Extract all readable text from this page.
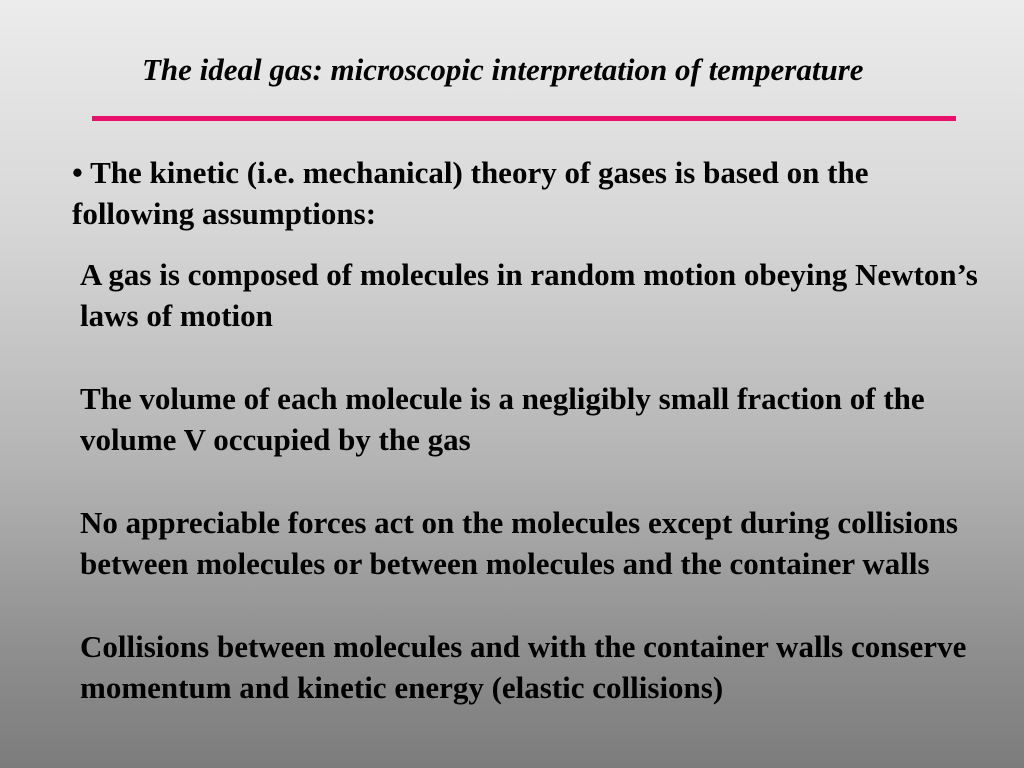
The ideal gas: microscopic interpretation of temperature

• The kinetic (i.e. mechanical) theory of gases is based on the following assumptions:

A gas is composed of molecules in random motion obeying Newton’s laws of motion
The volume of each molecule is a negligibly small fraction of the volume V occupied by the gas
No appreciable forces act on the molecules except during collisions between molecules or between molecules and the container walls
Collisions between molecules and with the container walls conserve momentum and kinetic energy (elastic collisions)
